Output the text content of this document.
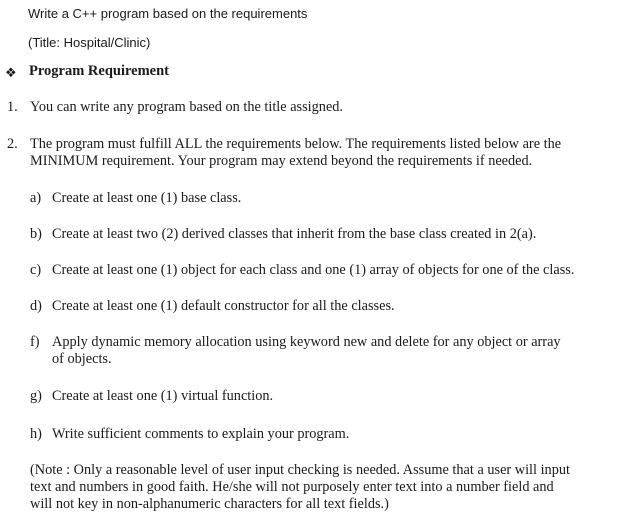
Write a C++ program based on the requirements
(Title: Hospital/Clinic)
❖ Program Requirement
1. You can write any program based on the title assigned.
2. The program must fulfill ALL the requirements below. The requirements listed below are the
MINIMUM requirement. Your program may extend beyond the requirements if needed.
a) Create at least one (1) base class.
b) Create at least two (2) derived classes that inherit from the base class created in 2(a).
c) Create at least one (1) object for each class and one (1) array of objects for one of the class.
d) Create at least one (1) default constructor for all the classes.
f) Apply dynamic memory allocation using keyword new and delete for any object or array
of objects.
g) Create at least one (1) virtual function.
h) Write sufficient comments to explain your program.
(Note : Only a reasonable level of user input checking is needed. Assume that a user will input
text and numbers in good faith. He/she will not purposely enter text into a number field and
will not key in non-alphanumeric characters for all text fields.)
